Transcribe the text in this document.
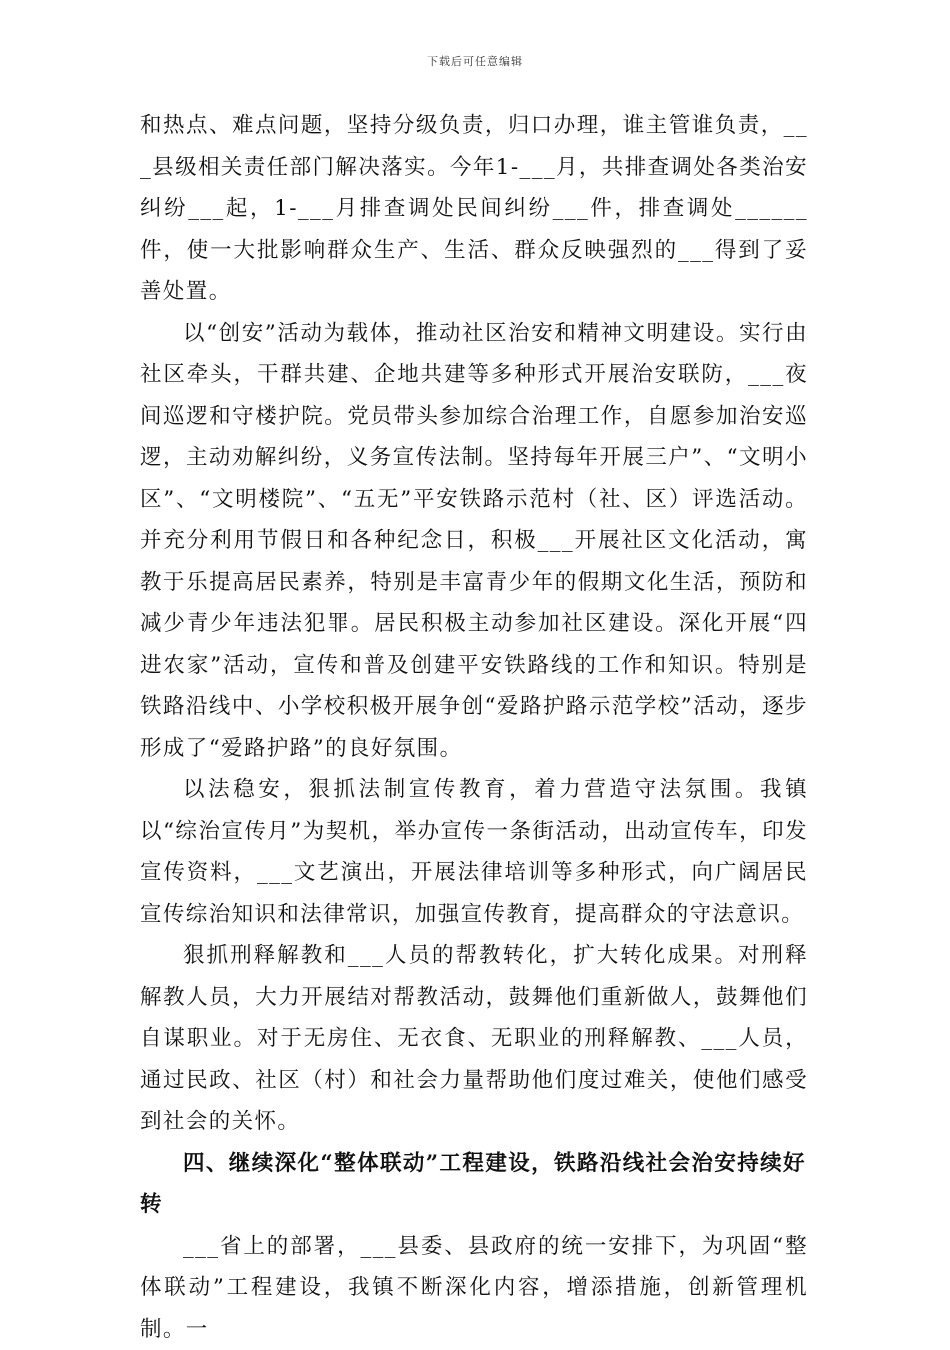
下载后可任意编辑

和热点、难点问题，坚持分级负责，归口办理，谁主管谁负责，___县级相关责任部门解决落实。今年1-___月，共排查调处各类治安纠纷___起，1-___月排查调处民间纠纷___件，排查调处______件，使一大批影响群众生产、生活、群众反映强烈的___得到了妥善处置。

以“创安”活动为载体，推动社区治安和精神文明建设。实行由社区牵头，干群共建、企地共建等多种形式开展治安联防，___夜间巡逻和守楼护院。党员带头参加综合治理工作，自愿参加治安巡逻，主动劝解纠纷，义务宣传法制。坚持每年开展三户”、“文明小区”、“文明楼院”、“五无”平安铁路示范村（社、区）评选活动。并充分利用节假日和各种纪念日，积极___开展社区文化活动，寓教于乐提高居民素养，特别是丰富青少年的假期文化生活，预防和减少青少年违法犯罪。居民积极主动参加社区建设。深化开展“四进农家”活动，宣传和普及创建平安铁路线的工作和知识。特别是铁路沿线中、小学校积极开展争创“爱路护路示范学校”活动，逐步形成了“爱路护路”的良好氛围。

以法稳安，狠抓法制宣传教育，着力营造守法氛围。我镇以“综治宣传月”为契机，举办宣传一条街活动，出动宣传车，印发宣传资料，___文艺演出，开展法律培训等多种形式，向广阔居民宣传综治知识和法律常识，加强宣传教育，提高群众的守法意识。

狠抓刑释解教和___人员的帮教转化，扩大转化成果。对刑释解教人员，大力开展结对帮教活动，鼓舞他们重新做人，鼓舞他们自谋职业。对于无房住、无衣食、无职业的刑释解教、___人员，通过民政、社区（村）和社会力量帮助他们度过难关，使他们感受到社会的关怀。

四、继续深化“整体联动”工程建设，铁路沿线社会治安持续好转

___省上的部署，___县委、县政府的统一安排下，为巩固“整体联动”工程建设，我镇不断深化内容，增添措施，创新管理机制。一
